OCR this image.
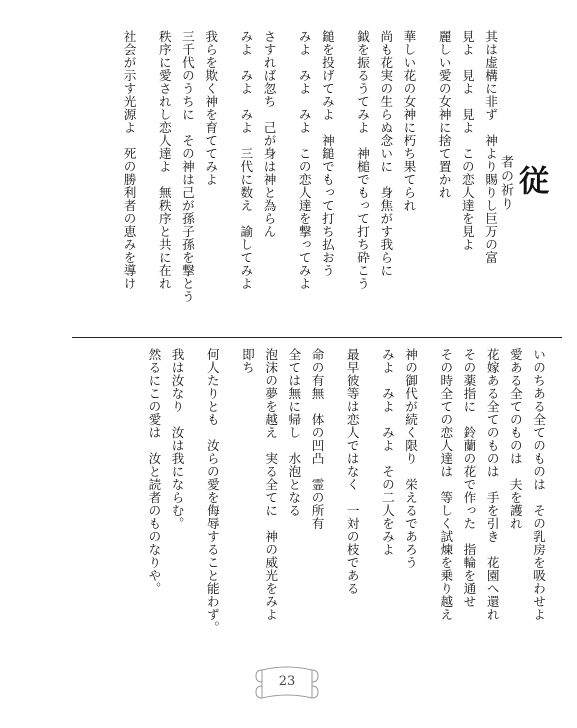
従
者の祈り
其は虚構に非ず　神より賜りし巨万の富
見よ　見よ　見よ　この恋人達を見よ
麗しい愛の女神に捨て置かれ
華しい花の女神に朽ち果てられ
尚も花実の生らぬ念いに　身焦がす我らに
鉞を振るうてみよ　神槌でもって打ち砕こう
鎚を投げてみよ　神鎚でもって打ち払おう
みよ　みよ　みよ　この恋人達を撃ってみよ
さすれば忽ち　己が身は神と為らん
みよ　みよ　みよ　三代に数え　諭してみよ
我らを欺く神を育ててみよ
三千代のうちに　その神は己が孫子孫を撃とう
秩序に愛されし恋人達よ　無秩序と共に在れ
社会が示す光源よ　死の勝利者の恵みを導け
いのちある全てのものは　その乳房を吸わせよ
愛ある全てのものは　夫を護れ
花嫁ある全てのものは　手を引き　花園へ還れ
その薬指に　鈴蘭の花で作った　指輪を通せ
その時全ての恋人達は　等しく試煉を乗り越え
神の御代が続く限り　栄えるであろう
みよ　みよ　みよ　その二人をみよ
最早彼等は恋人ではなく　一対の枝である
命の有無　体の凹凸　霊の所有
全ては無に帰し　水泡となる
泡沫の夢を越え　実る全てに　神の威光をみよ
即ち
何人たりとも　汝らの愛を侮辱すること能わず。
我は汝なり　汝は我にならむ。
然るにこの愛は　汝と読者のものなりや。
23
